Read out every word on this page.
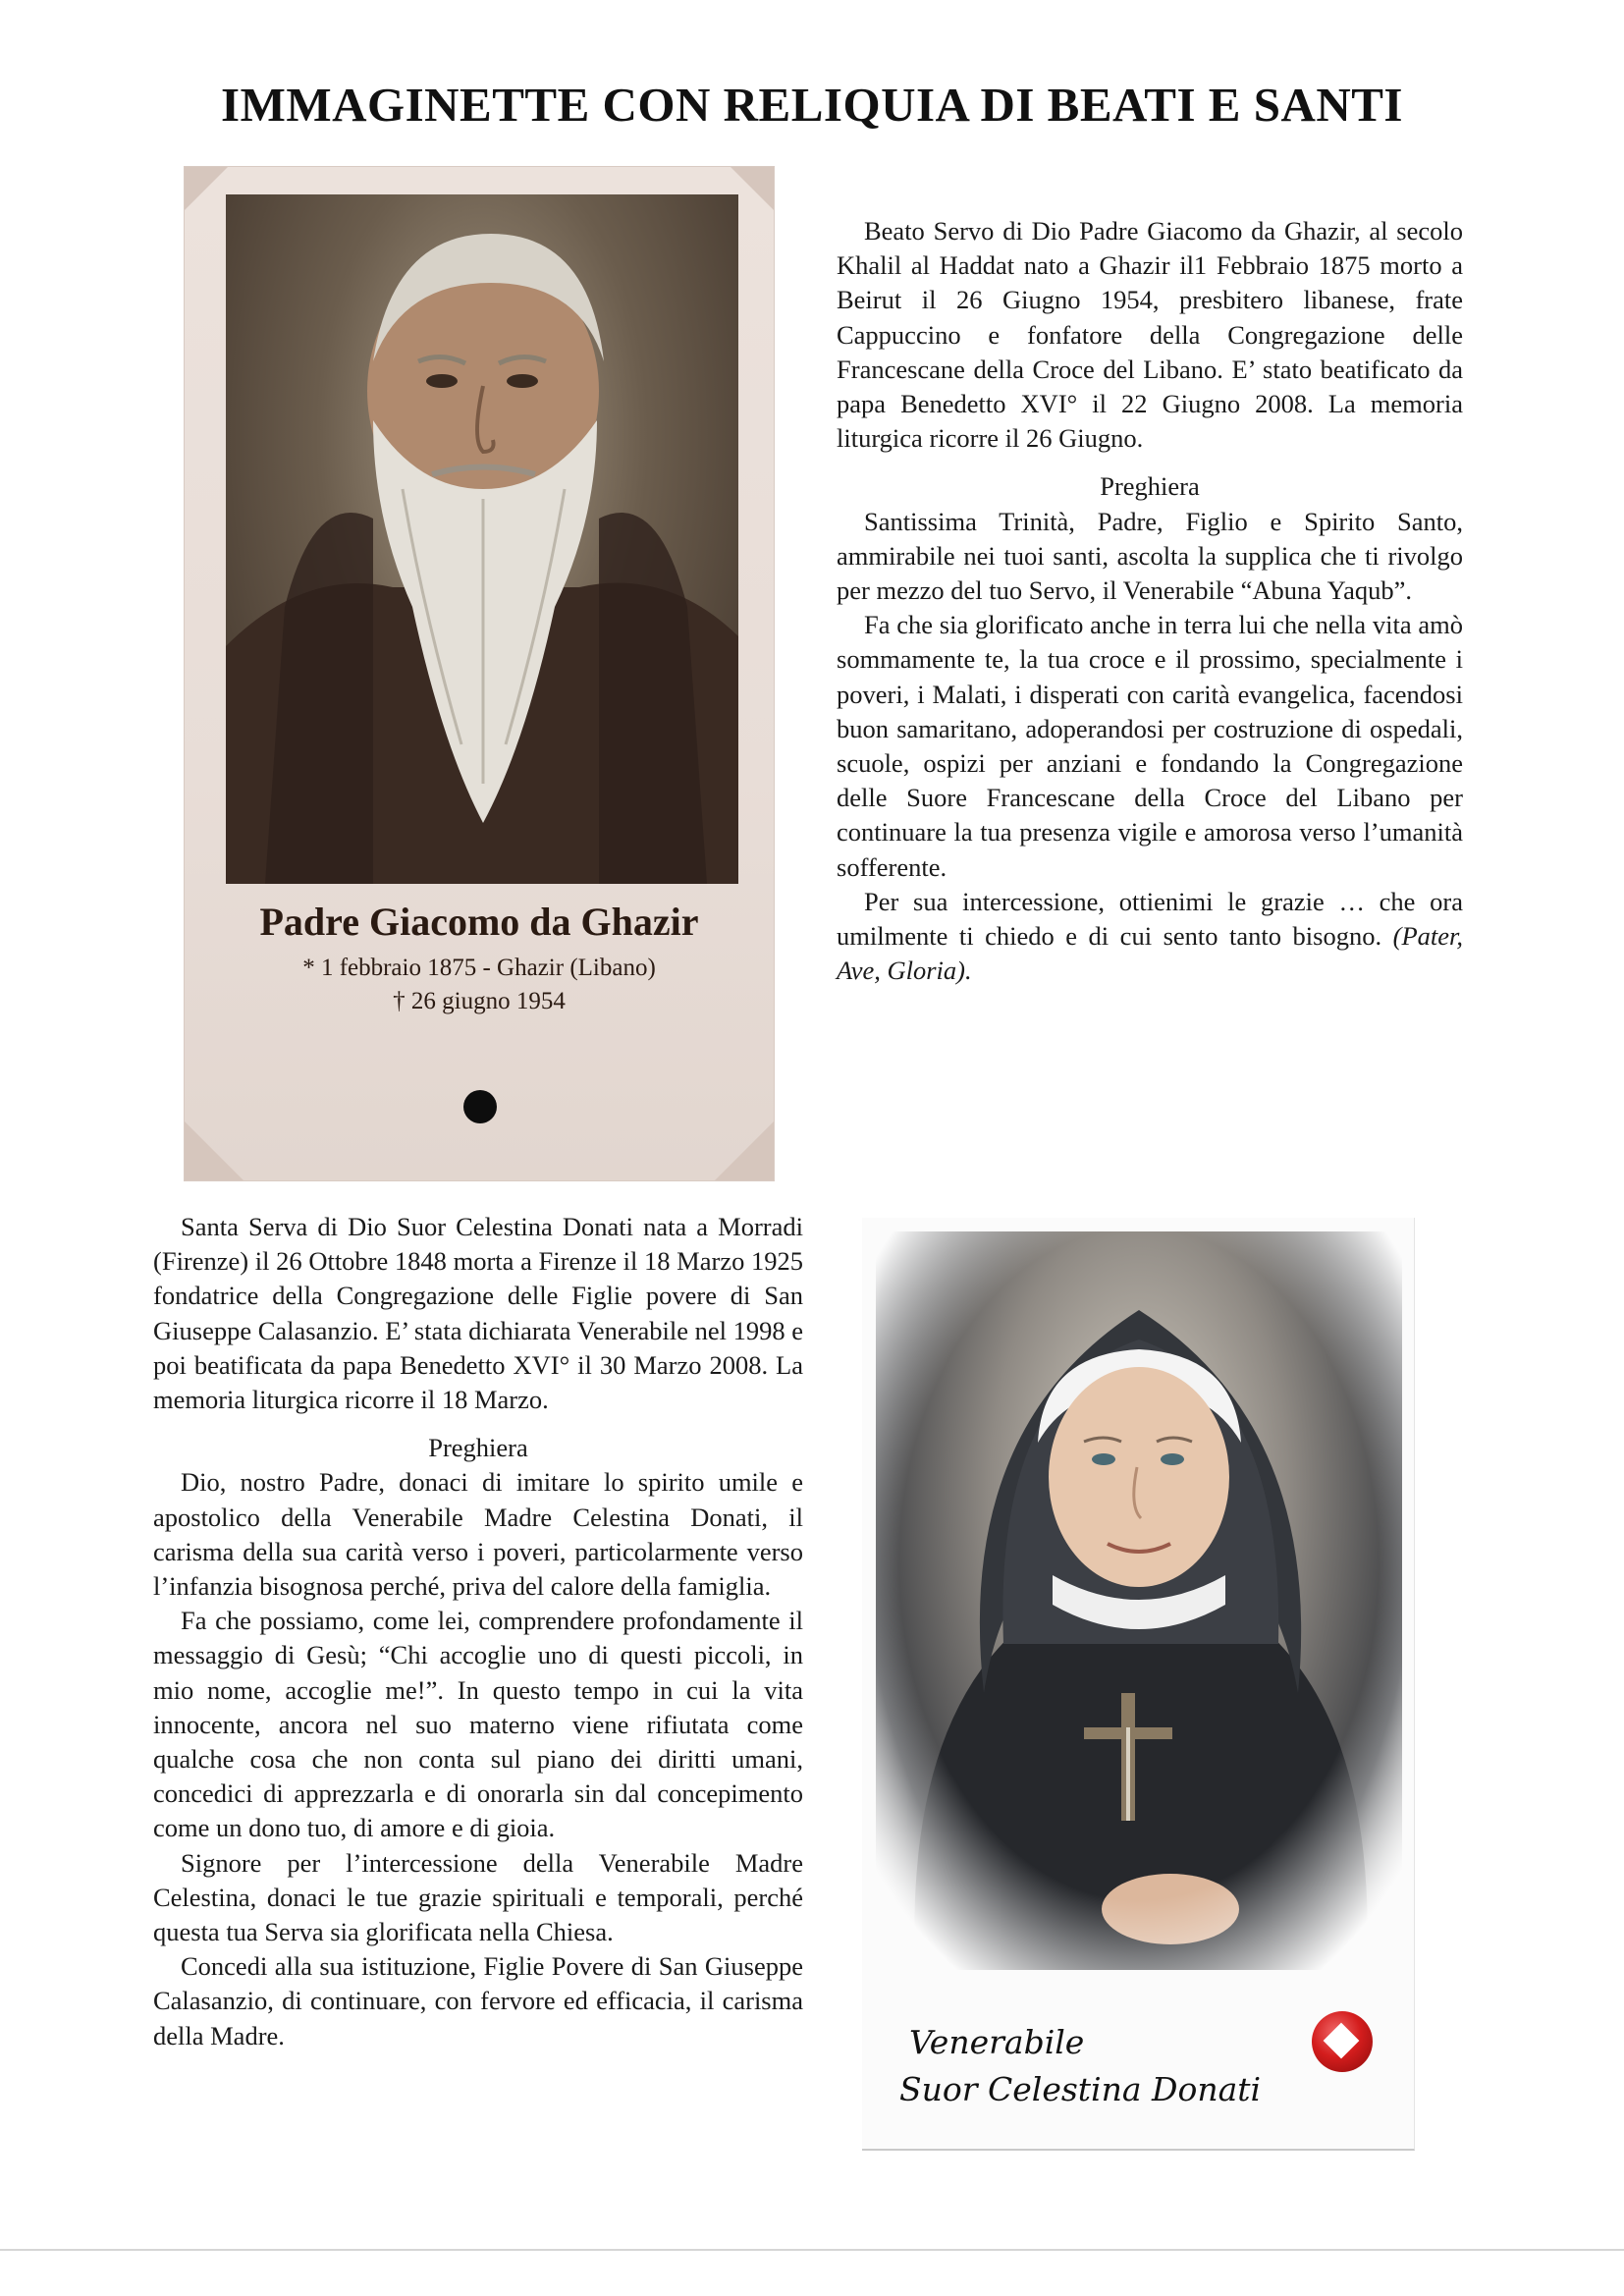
IMMAGINETTE CON RELIQUIA DI BEATI E SANTI
Padre Giacomo da Ghazir
* 1 febbraio 1875 - Ghazir (Libano)
† 26 giugno 1954

Beato Servo di Dio Padre Giacomo da Ghazir, al secolo Khalil al Haddat nato a Ghazir il1 Febbraio 1875 morto a Beirut il 26 Giugno 1954, presbitero libanese, frate Cappuccino e fonfatore della Congregazione delle Francescane della Croce del Libano. E’ stato beatificato da papa Benedetto XVI° il 22 Giugno 2008. La memoria liturgica ricorre il 26 Giugno.

Preghiera

Santissima Trinità, Padre, Figlio e Spirito Santo, ammirabile nei tuoi santi, ascolta la supplica che ti rivolgo per mezzo del tuo Servo, il Venerabile “Abuna Yaqub”.

Fa che sia glorificato anche in terra lui che nella vita amò sommamente te, la tua croce e il prossimo, specialmente i poveri, i Malati, i disperati con carità evangelica, facendosi buon samaritano, adoperandosi per costruzione di ospedali, scuole, ospizi per anziani e fondando la Congregazione delle Suore Francescane della Croce del Libano per continuare la tua presenza vigile e amorosa verso l’umanità sofferente.

Per sua intercessione, ottienimi le grazie … che ora umilmente ti chiedo e di cui sento tanto bisogno. (Pater, Ave, Gloria).

Santa Serva di Dio Suor Celestina Donati nata a Morradi (Firenze) il 26 Ottobre 1848 morta a Firenze il 18 Marzo 1925 fondatrice della Congregazione delle Figlie povere di San Giuseppe Calasanzio. E’ stata dichiarata Venerabile nel 1998 e poi beatificata da papa Benedetto XVI° il 30 Marzo 2008. La memoria liturgica ricorre il 18 Marzo.

Preghiera

Dio, nostro Padre, donaci di imitare lo spirito umile e apostolico della Venerabile Madre Celestina Donati, il carisma della sua carità verso i poveri, particolarmente verso l’infanzia bisognosa perché, priva del calore della famiglia.

Fa che possiamo, come lei, comprendere profondamente il messaggio di Gesù; “Chi accoglie uno di questi piccoli, in mio nome, accoglie me!”. In questo tempo in cui la vita innocente, ancora nel suo materno viene rifiutata come qualche cosa che non conta sul piano dei diritti umani, concedici di apprezzarla e di onorarla sin dal concepimento come un dono tuo, di amore e di gioia.

Signore per l’intercessione della Venerabile Madre Celestina, donaci le tue grazie spirituali e temporali, perché questa tua Serva sia glorificata nella Chiesa.

Concedi alla sua istituzione, Figlie Povere di San Giuseppe Calasanzio, di continuare, con fervore ed efficacia, il carisma della Madre.	Venerabile
Suor Celestina Donati
